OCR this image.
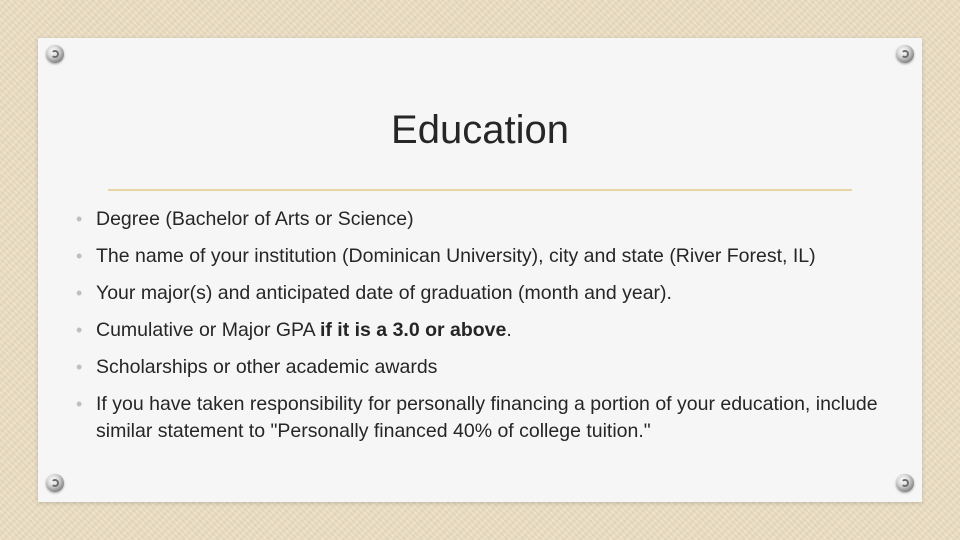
Education
• Degree (Bachelor of Arts or Science)
• The name of your institution (Dominican University), city and state (River Forest, IL)
• Your major(s) and anticipated date of graduation (month and year).
• Cumulative or Major GPA if it is a 3.0 or above.
• Scholarships or other academic awards
• If you have taken responsibility for personally financing a portion of your education, include similar statement to "Personally financed 40% of college tuition."
